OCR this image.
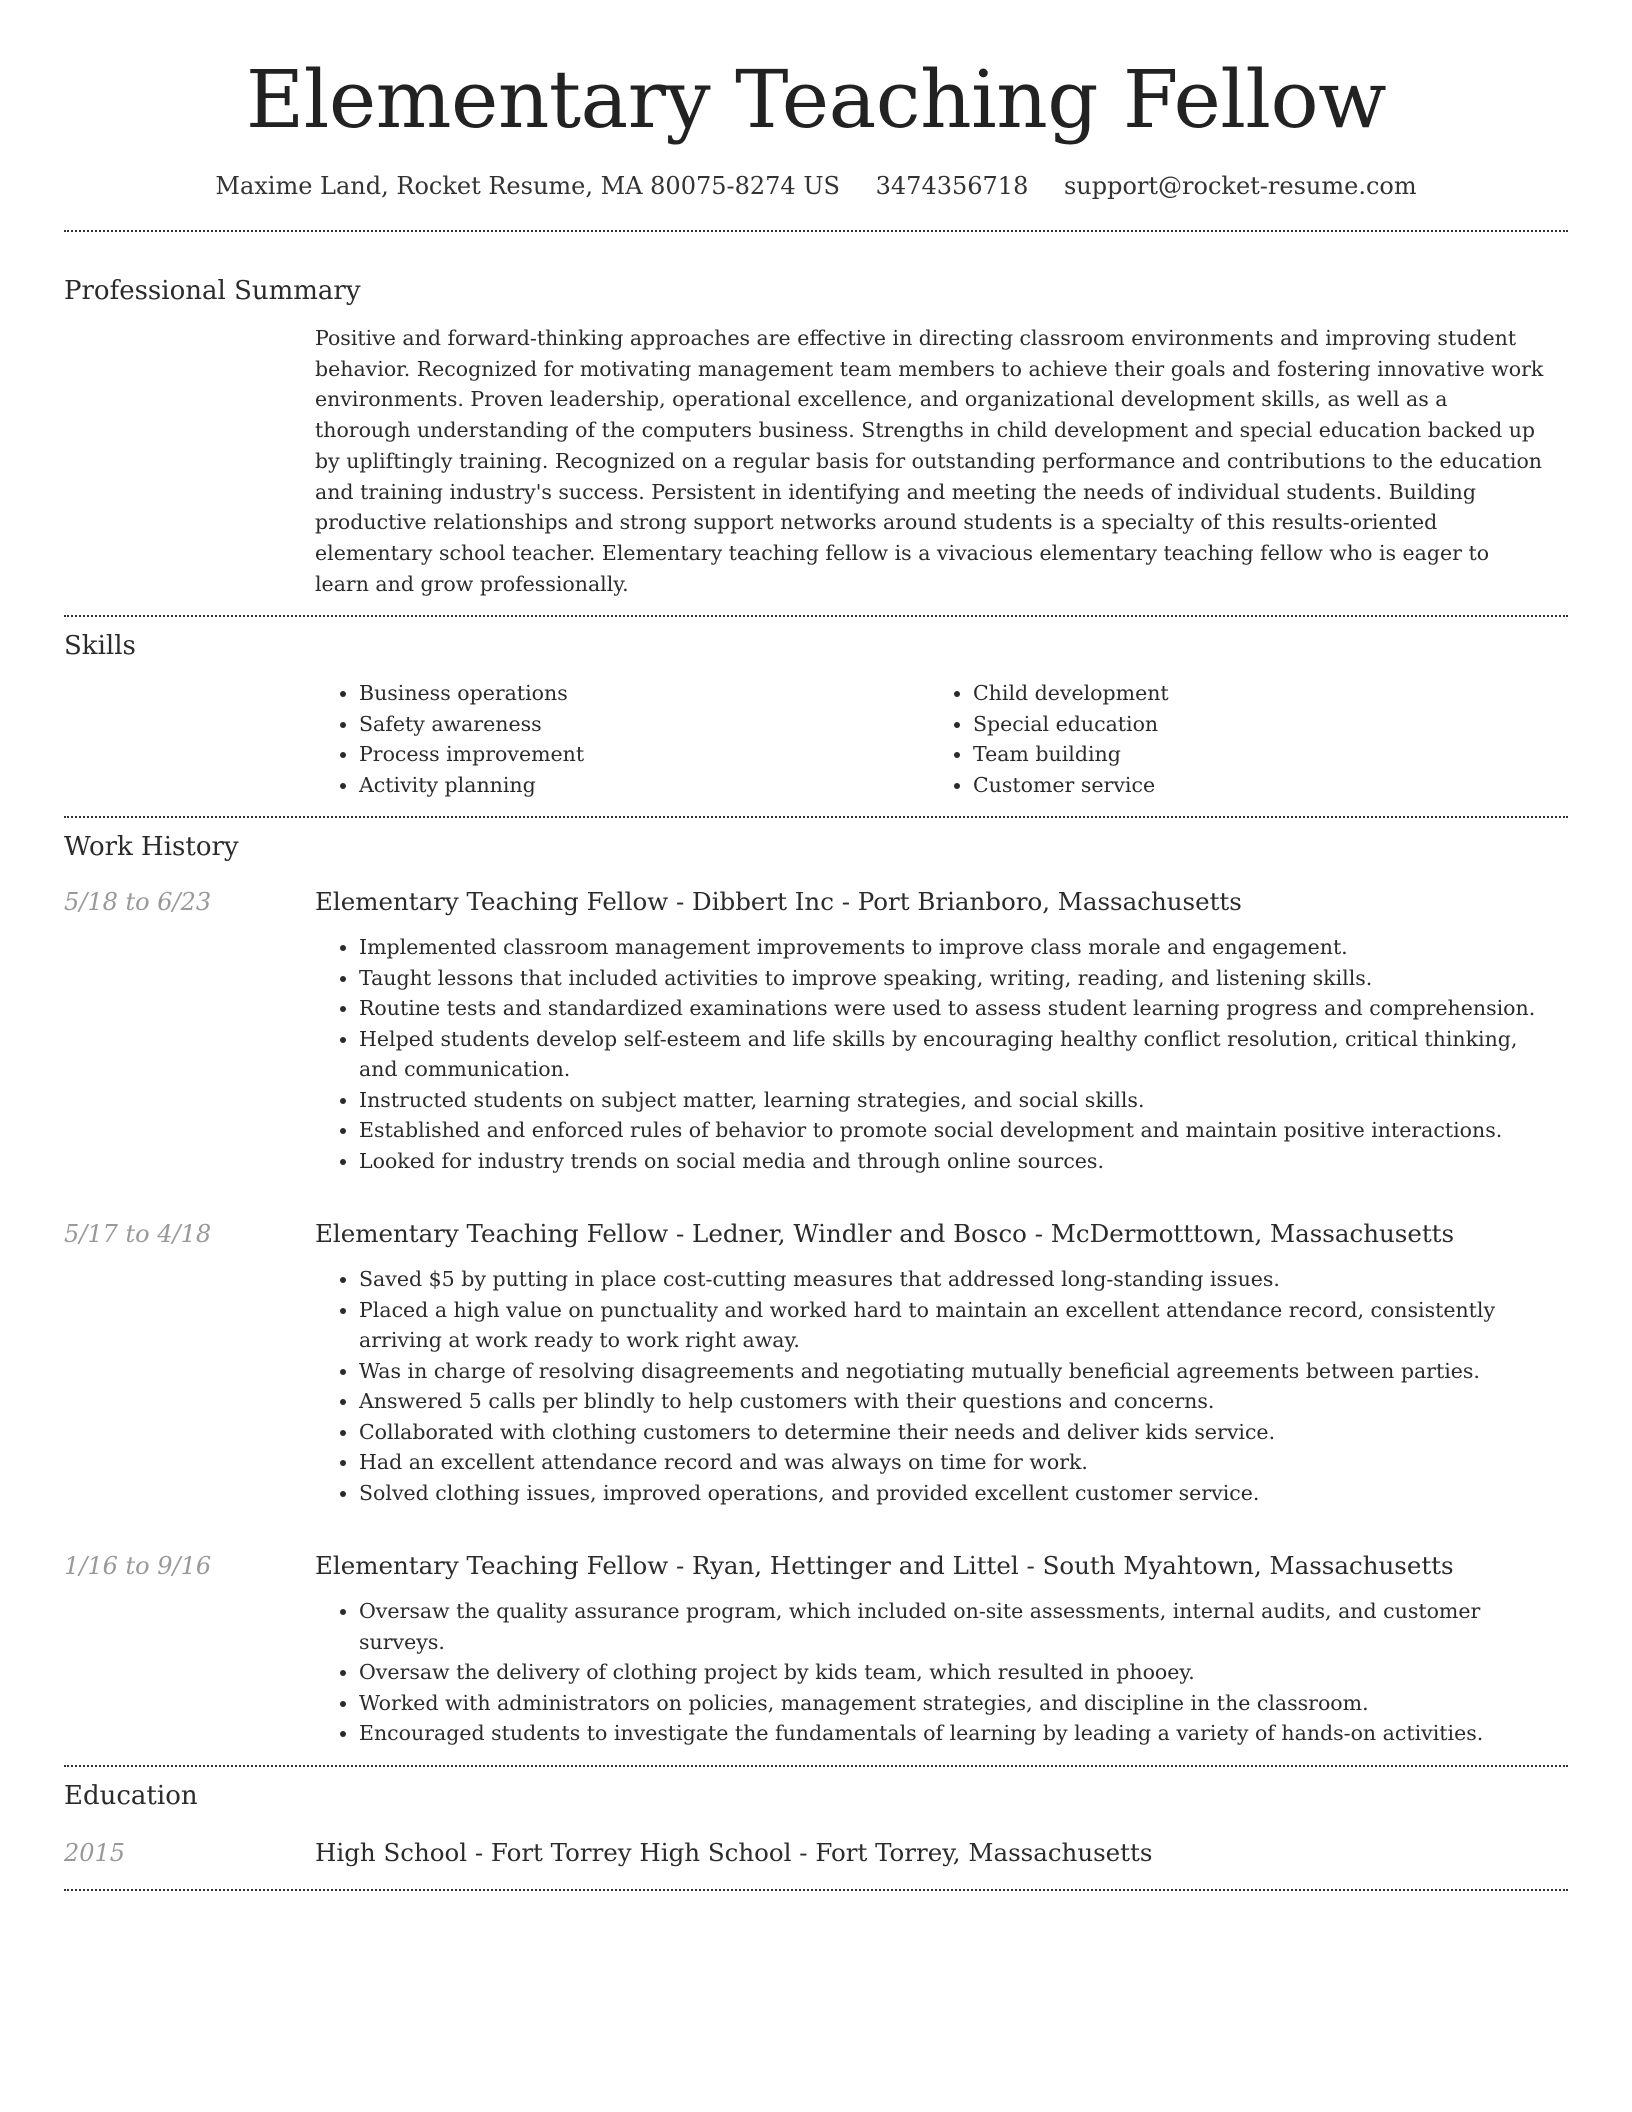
Elementary Teaching Fellow
Maxime Land, Rocket Resume, MA 80075-8274 US 3474356718 support@rocket-resume.com
Professional Summary
Positive and forward-thinking approaches are effective in directing classroom environments and improving student behavior. Recognized for motivating management team members to achieve their goals and fostering innovative work environments. Proven leadership, operational excellence, and organizational development skills, as well as a thorough understanding of the computers business. Strengths in child development and special education backed up by upliftingly training. Recognized on a regular basis for outstanding performance and contributions to the education and training industry's success. Persistent in identifying and meeting the needs of individual students. Building productive relationships and strong support networks around students is a specialty of this results-oriented elementary school teacher. Elementary teaching fellow is a vivacious elementary teaching fellow who is eager to learn and grow professionally.
Skills
• Business operations
• Safety awareness
• Process improvement
• Activity planning
• Child development
• Special education
• Team building
• Customer service
Work History
5/18 to 6/23	Elementary Teaching Fellow - Dibbert Inc - Port Brianboro, Massachusetts
• Implemented classroom management improvements to improve class morale and engagement.
• Taught lessons that included activities to improve speaking, writing, reading, and listening skills.
• Routine tests and standardized examinations were used to assess student learning progress and comprehension.
• Helped students develop self-esteem and life skills by encouraging healthy conflict resolution, critical thinking, and communication.
• Instructed students on subject matter, learning strategies, and social skills.
• Established and enforced rules of behavior to promote social development and maintain positive interactions.
• Looked for industry trends on social media and through online sources.
5/17 to 4/18	Elementary Teaching Fellow - Ledner, Windler and Bosco - McDermotttown, Massachusetts
• Saved $5 by putting in place cost-cutting measures that addressed long-standing issues.
• Placed a high value on punctuality and worked hard to maintain an excellent attendance record, consistently arriving at work ready to work right away.
• Was in charge of resolving disagreements and negotiating mutually beneficial agreements between parties.
• Answered 5 calls per blindly to help customers with their questions and concerns.
• Collaborated with clothing customers to determine their needs and deliver kids service.
• Had an excellent attendance record and was always on time for work.
• Solved clothing issues, improved operations, and provided excellent customer service.
1/16 to 9/16	Elementary Teaching Fellow - Ryan, Hettinger and Littel - South Myahtown, Massachusetts
• Oversaw the quality assurance program, which included on-site assessments, internal audits, and customer surveys.
• Oversaw the delivery of clothing project by kids team, which resulted in phooey.
• Worked with administrators on policies, management strategies, and discipline in the classroom.
• Encouraged students to investigate the fundamentals of learning by leading a variety of hands-on activities.
Education
2015	High School - Fort Torrey High School - Fort Torrey, Massachusetts
